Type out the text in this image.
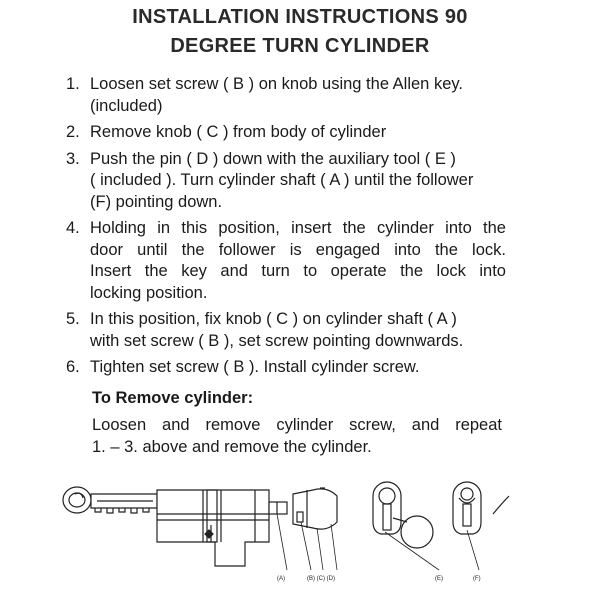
INSTALLATION INSTRUCTIONS 90
DEGREE TURN CYLINDER
1. Loosen set screw ( B ) on knob using the Allen key.
(included)
2. Remove knob ( C ) from body of cylinder
3. Push the pin ( D ) down with the auxiliary tool ( E )
( included ). Turn cylinder shaft ( A ) until the follower
(F) pointing down.
4. Holding in this position, insert the cylinder into the
door until the follower is engaged into the lock.
Insert the key and turn to operate the lock into
locking position.
5. In this position, fix knob ( C ) on cylinder shaft ( A )
with set screw ( B ), set screw pointing downwards.
6. Tighten set screw ( B ). Install cylinder screw.
To Remove cylinder:
Loosen and remove cylinder screw, and repeat
1. – 3. above and remove the cylinder.
(A)	(B) (C) (D)	(E)	(F)
